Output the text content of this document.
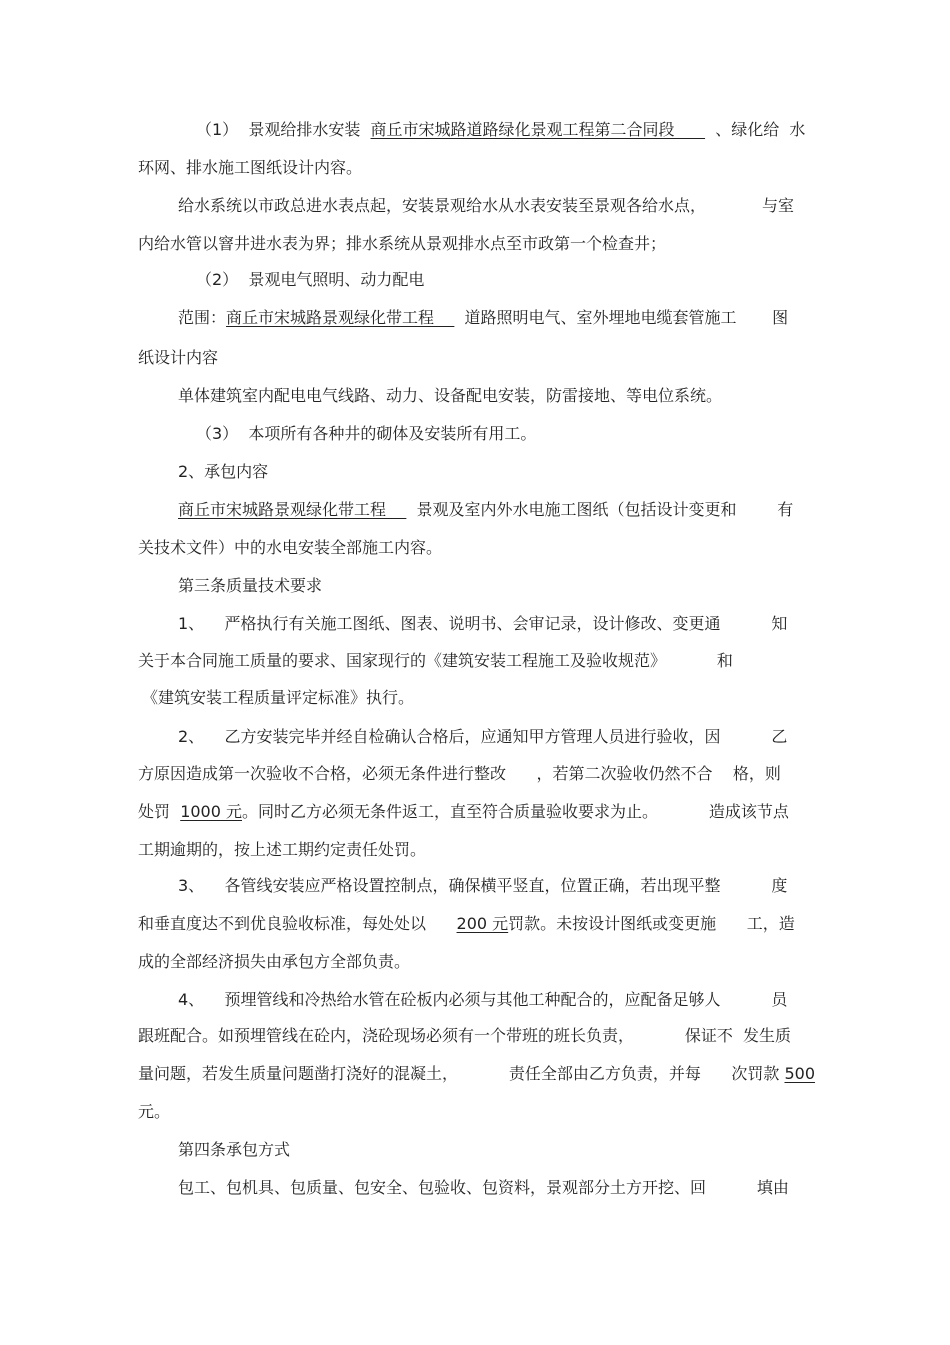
（1）  景观给排水安装  商丘市宋城路道路绿化景观工程第二合同段        、绿化给  水
环网、排水施工图纸设计内容。
给水系统以市政总进水表点起，安装景观给水从水表安装至景观各给水点，           与室
内给水管以窨井进水表为界；排水系统从景观排水点至市政第一个检查井；
（2）  景观电气照明、动力配电
范围：商丘市宋城路景观绿化带工程      道路照明电气、室外埋地电缆套管施工       图
纸设计内容
单体建筑室内配电电气线路、动力、设备配电安装，防雷接地、等电位系统。
（3）  本项所有各种井的砌体及安装所有用工。
2、承包内容
商丘市宋城路景观绿化带工程      景观及室内外水电施工图纸（包括设计变更和        有
关技术文件）中的水电安装全部施工内容。
第三条质量技术要求
1、    严格执行有关施工图纸、图表、说明书、会审记录，设计修改、变更通          知
关于本合同施工质量的要求、国家现行的《建筑安装工程施工及验收规范》          和
《建筑安装工程质量评定标准》执行。
2、    乙方安装完毕并经自检确认合格后，应通知甲方管理人员进行验收，因          乙
方原因造成第一次验收不合格，必须无条件进行整改      ，若第二次验收仍然不合    格，则
处罚  1000 元。同时乙方必须无条件返工，直至符合质量验收要求为止。          造成该节点
工期逾期的，按上述工期约定责任处罚。
3、    各管线安装应严格设置控制点，确保横平竖直，位置正确，若出现平整          度
和垂直度达不到优良验收标准，每处处以      200 元罚款。未按设计图纸或变更施      工，造
成的全部经济损失由承包方全部负责。
4、    预埋管线和冷热给水管在砼板内必须与其他工种配合的，应配备足够人          员
跟班配合。如预埋管线在砼内，浇砼现场必须有一个带班的班长负责，          保证不  发生质
量问题，若发生质量问题凿打浇好的混凝土，          责任全部由乙方负责，并每      次罚款 500
元。
第四条承包方式
包工、包机具、包质量、包安全、包验收、包资料，景观部分土方开挖、回          填由
